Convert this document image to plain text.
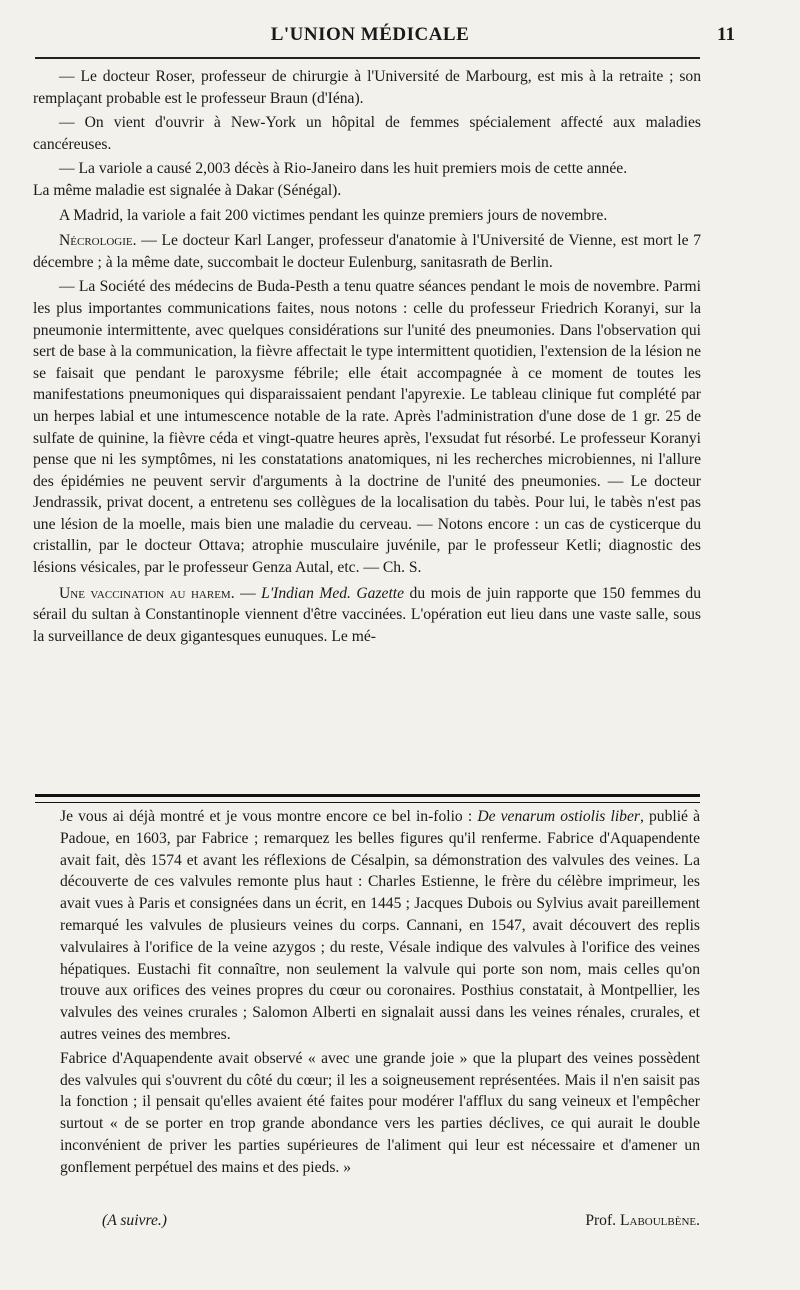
L'UNION MÉDICALE	11

— Le docteur Roser, professeur de chirurgie à l'Université de Marbourg, est mis à la retraite ; son remplaçant probable est le professeur Braun (d'Iéna).

— On vient d'ouvrir à New-York un hôpital de femmes spécialement affecté aux maladies cancéreuses.

— La variole a causé 2,003 décès à Rio-Janeiro dans les huit premiers mois de cette année.

La même maladie est signalée à Dakar (Sénégal).

A Madrid, la variole a fait 200 victimes pendant les quinze premiers jours de novembre.

Nécrologie. — Le docteur Karl Langer, professeur d'anatomie à l'Université de Vienne, est mort le 7 décembre ; à la même date, succombait le docteur Eulenburg, sanitasrath de Berlin.

— La Société des médecins de Buda-Pesth a tenu quatre séances pendant le mois de novembre. Parmi les plus importantes communications faites, nous notons : celle du professeur Friedrich Koranyi, sur la pneumonie intermittente, avec quelques considérations sur l'unité des pneumonies. Dans l'observation qui sert de base à la communication, la fièvre affectait le type intermittent quotidien, l'extension de la lésion ne se faisait que pendant le paroxysme fébrile; elle était accompagnée à ce moment de toutes les manifestations pneumoniques qui disparaissaient pendant l'apyrexie. Le tableau clinique fut complété par un herpes labial et une intumescence notable de la rate. Après l'administration d'une dose de 1 gr. 25 de sulfate de quinine, la fièvre céda et vingt-quatre heures après, l'exsudat fut résorbé. Le professeur Koranyi pense que ni les symptômes, ni les constatations anatomiques, ni les recherches microbiennes, ni l'allure des épidémies ne peuvent servir d'arguments à la doctrine de l'unité des pneumonies. — Le docteur Jendrassik, privat docent, a entretenu ses collègues de la localisation du tabès. Pour lui, le tabès n'est pas une lésion de la moelle, mais bien une maladie du cerveau. — Notons encore : un cas de cysticerque du cristallin, par le docteur Ottava; atrophie musculaire juvénile, par le professeur Ketli; diagnostic des lésions vésicales, par le professeur Genza Autal, etc. — Ch. S.

Une vaccination au harem. — L'Indian Med. Gazette du mois de juin rapporte que 150 femmes du sérail du sultan à Constantinople viennent d'être vaccinées. L'opération eut lieu dans une vaste salle, sous la surveillance de deux gigantesques eunuques. Le mé-

Je vous ai déjà montré et je vous montre encore ce bel in-folio : De venarum ostiolis liber, publié à Padoue, en 1603, par Fabrice ; remarquez les belles figures qu'il renferme. Fabrice d'Aquapendente avait fait, dès 1574 et avant les réflexions de Césalpin, sa démonstration des valvules des veines. La découverte de ces valvules remonte plus haut : Charles Estienne, le frère du célèbre imprimeur, les avait vues à Paris et consignées dans un écrit, en 1445 ; Jacques Dubois ou Sylvius avait pareillement remarqué les valvules de plusieurs veines du corps. Cannani, en 1547, avait découvert des replis valvulaires à l'orifice de la veine azygos ; du reste, Vésale indique des valvules à l'orifice des veines hépatiques. Eustachi fit connaître, non seulement la valvule qui porte son nom, mais celles qu'on trouve aux orifices des veines propres du cœur ou coronaires. Posthius constatait, à Montpellier, les valvules des veines crurales ; Salomon Alberti en signalait aussi dans les veines rénales, crurales, et autres veines des membres.

Fabrice d'Aquapendente avait observé « avec une grande joie » que la plupart des veines possèdent des valvules qui s'ouvrent du côté du cœur; il les a soigneusement représentées. Mais il n'en saisit pas la fonction ; il pensait qu'elles avaient été faites pour modérer l'afflux du sang veineux et l'empêcher surtout « de se porter en trop grande abondance vers les parties déclives, ce qui aurait le double inconvénient de priver les parties supérieures de l'aliment qui leur est nécessaire et d'amener un gonflement perpétuel des mains et des pieds. »

(A suivre.)	Prof. Laboulbène.
